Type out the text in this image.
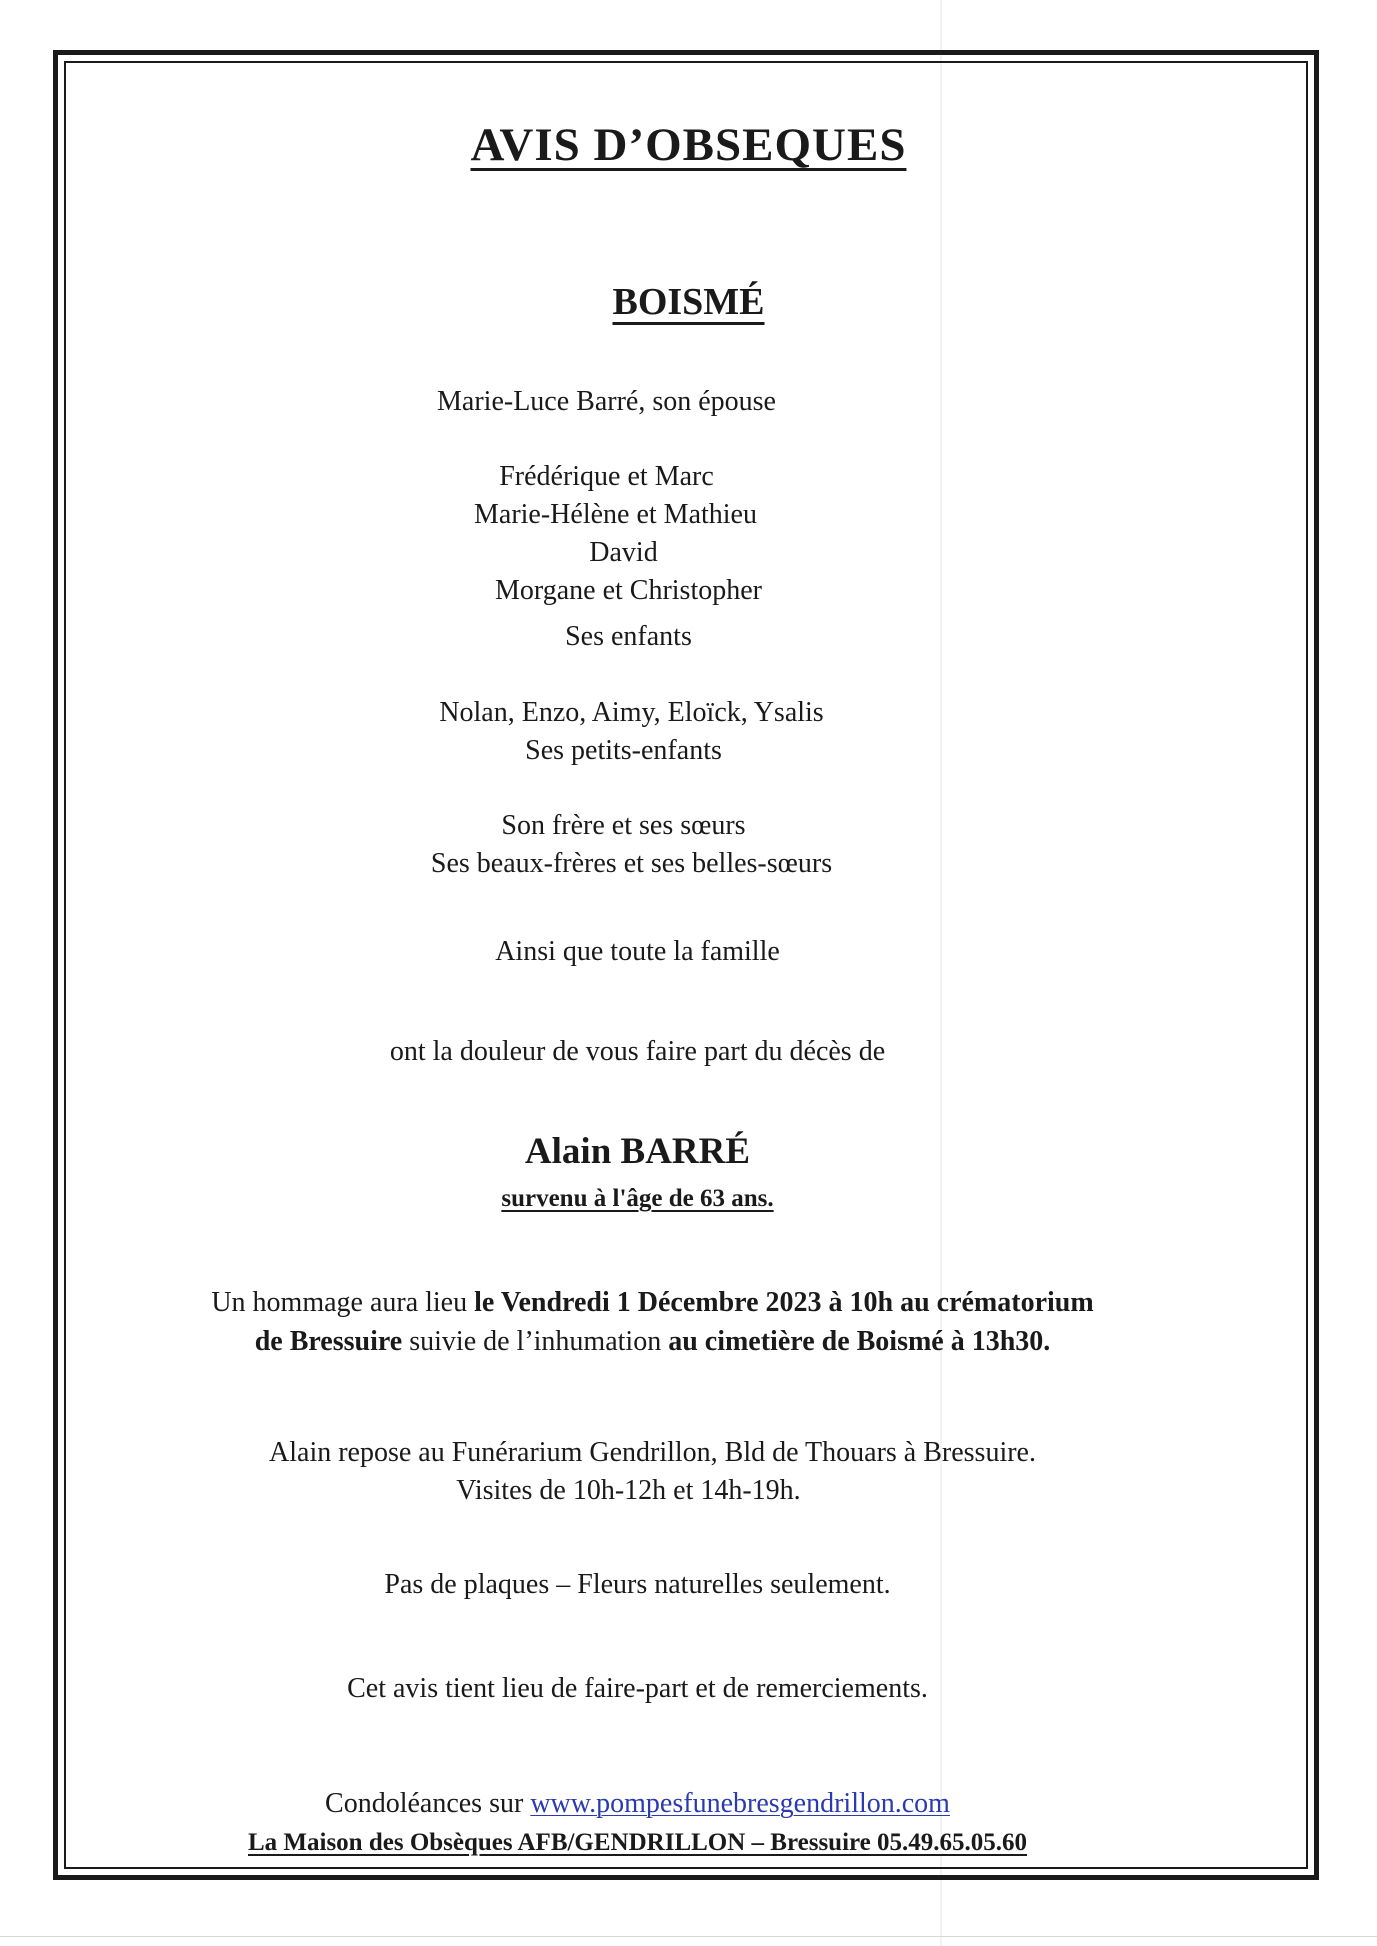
AVIS D’OBSEQUES
BOISMÉ
Marie-Luce Barré, son épouse
Frédérique et Marc
Marie-Hélène et Mathieu
David
Morgane et Christopher
Ses enfants
Nolan, Enzo, Aimy, Eloïck, Ysalis
Ses petits-enfants
Son frère et ses sœurs
Ses beaux-frères et ses belles-sœurs
Ainsi que toute la famille
ont la douleur de vous faire part du décès de
Alain BARRÉ
survenu à l'âge de 63 ans.
Un hommage aura lieu le Vendredi 1 Décembre 2023 à 10h au crématorium
de Bressuire suivie de l’inhumation au cimetière de Boismé à 13h30.
Alain repose au Funérarium Gendrillon, Bld de Thouars à Bressuire.
Visites de 10h-12h et 14h-19h.
Pas de plaques – Fleurs naturelles seulement.
Cet avis tient lieu de faire-part et de remerciements.
Condoléances sur www.pompesfunebresgendrillon.com
La Maison des Obsèques AFB/GENDRILLON – Bressuire 05.49.65.05.60
